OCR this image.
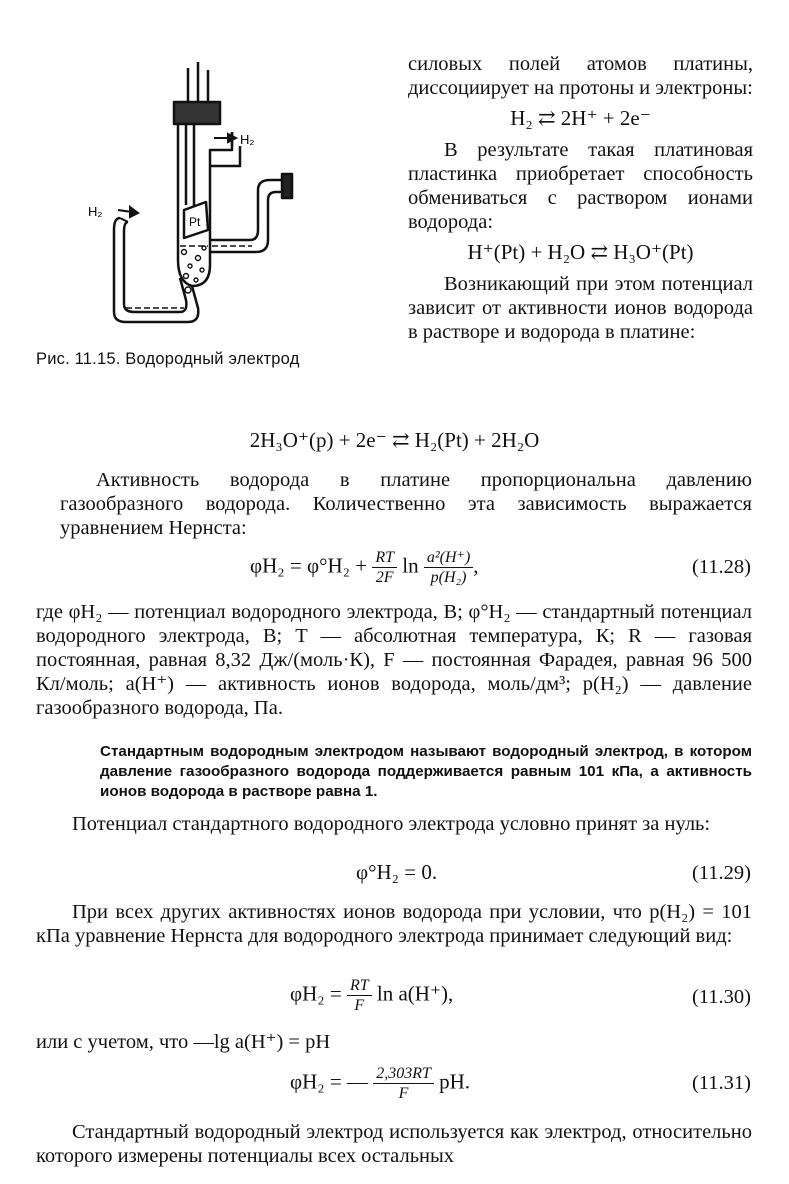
H₂
H₂
Pt
Рис. 11.15. Водородный электрод

силовых полей атомов платины, диссоциирует на протоны и электроны:

H₂ ⇄ 2H⁺ + 2e⁻

В результате такая платиновая пластинка приобретает способность обмениваться с раствором ионами водорода:

H⁺(Pt) + H₂O ⇄ H₃O⁺(Pt)

Возникающий при этом потенциал зависит от активности ионов водорода в растворе и водорода в платине:

2H₃O⁺(р) + 2e⁻ ⇄ H₂(Pt) + 2H₂O

Активность водорода в платине пропорциональна давлению газообразного водорода. Количественно эта зависимость выражается уравнением Нернста:

$\varphi H_2 = \varphi^\circ H_2 + \frac{RT}{2F}$ $\ln \frac{\text{a²(H⁺)}}{\text{p(H₂)}}$ ,	(11.28)

где φH₂ — потенциал водородного электрода, В; φ°H₂ — стандартный потенциал водородного электрода, В; T — абсолютная температура, К; R — газовая постоянная, равная 8,32 Дж/(моль·К), F — постоянная Фарадея, равная 96 500 Кл/моль; a(H⁺) — активность ионов водорода, моль/дм³; p(H₂) — давление газообразного водорода, Па.

Стандартным водородным электродом называют водородный электрод, в котором давление газообразного водорода поддерживается равным 101 кПа, а активность ионов водорода в растворе равна 1.

Потенциал стандартного водородного электрода условно принят за нуль:

φ°H₂ = 0.	(11.29)

При всех других активностях ионов водорода при условии, что p(H₂) = 101 кПа уравнение Нернста для водородного электрода принимает следующий вид:

$\varphi H_2 = \frac{RT}{F}$ ln a(H⁺),	(11.30)

или с учетом, что —lg a(H⁺) = pH

φH₂ = — $\frac{2,303RT}{F}$ pH.	(11.31)

Стандартный водородный электрод используется как электрод, относительно которого измерены потенциалы всех остальных
